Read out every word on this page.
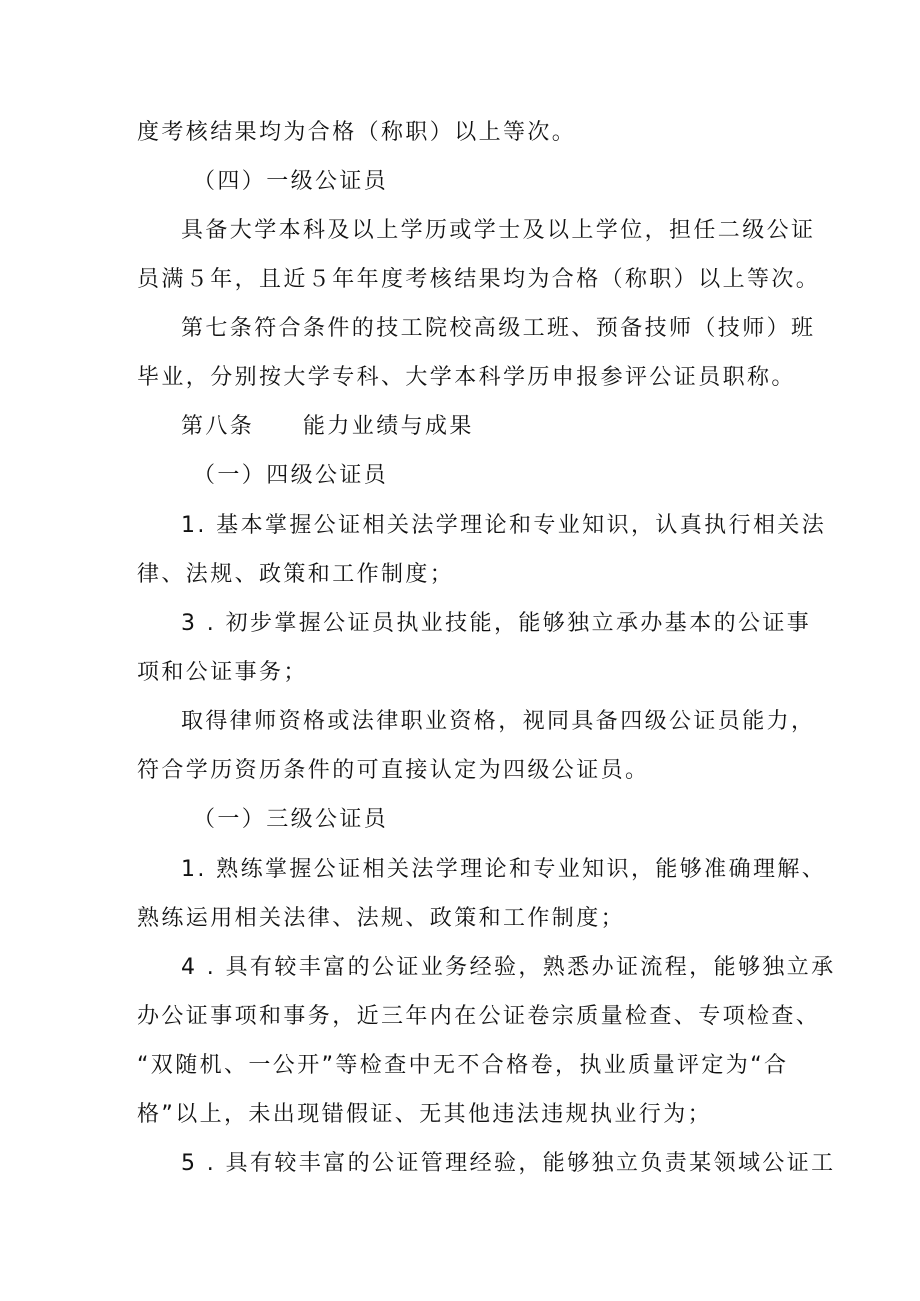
度考核结果均为合格（称职）以上等次。
（四）一级公证员
具备大学本科及以上学历或学士及以上学位，担任二级公证
员满５年，且近５年年度考核结果均为合格（称职）以上等次。
第七条符合条件的技工院校高级工班、预备技师（技师）班
毕业，分别按大学专科、大学本科学历申报参评公证员职称。
第八条　　能力业绩与成果
（一）四级公证员
1. 基本掌握公证相关法学理论和专业知识，认真执行相关法
律、法规、政策和工作制度；
3 . 初步掌握公证员执业技能，能够独立承办基本的公证事
项和公证事务；
取得律师资格或法律职业资格，视同具备四级公证员能力，
符合学历资历条件的可直接认定为四级公证员。
（一）三级公证员
1. 熟练掌握公证相关法学理论和专业知识，能够准确理解、
熟练运用相关法律、法规、政策和工作制度；
4 . 具有较丰富的公证业务经验，熟悉办证流程，能够独立承
办公证事项和事务，近三年内在公证卷宗质量检查、专项检查、
“双随机、一公开”等检查中无不合格卷，执业质量评定为“合
格”以上，未出现错假证、无其他违法违规执业行为；
5 . 具有较丰富的公证管理经验，能够独立负责某领域公证工
